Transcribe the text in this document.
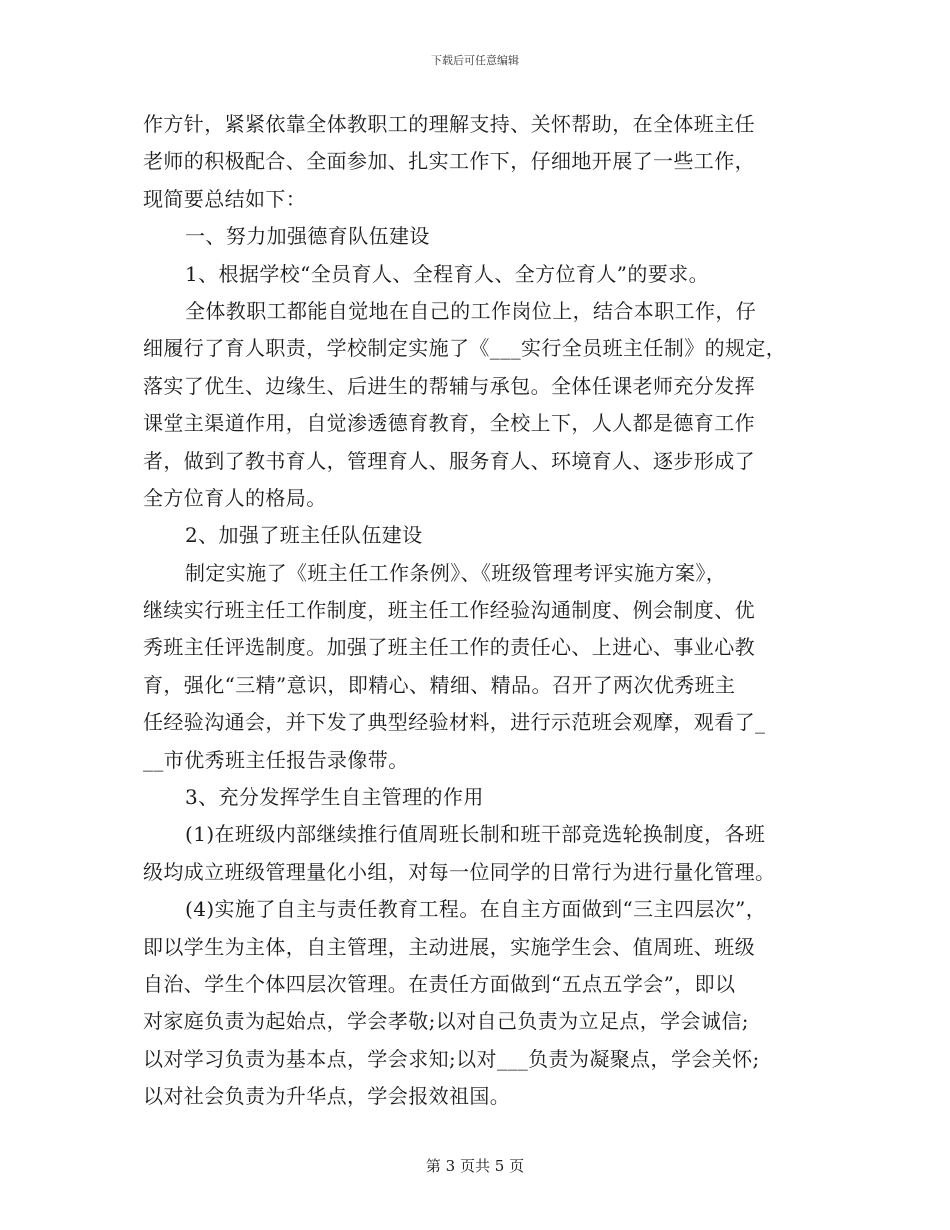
下载后可任意编辑
作方针，紧紧依靠全体教职工的理解支持、关怀帮助，在全体班主任
老师的积极配合、全面参加、扎实工作下，仔细地开展了一些工作，
现简要总结如下：
一、努力加强德育队伍建设
1、根据学校“全员育人、全程育人、全方位育人”的要求。
全体教职工都能自觉地在自己的工作岗位上，结合本职工作，仔
细履行了育人职责，学校制定实施了《___实行全员班主任制》的规定，
落实了优生、边缘生、后进生的帮辅与承包。全体任课老师充分发挥
课堂主渠道作用，自觉渗透德育教育，全校上下，人人都是德育工作
者，做到了教书育人，管理育人、服务育人、环境育人、逐步形成了
全方位育人的格局。
2、加强了班主任队伍建设
制定实施了《班主任工作条例》、《班级管理考评实施方案》，
继续实行班主任工作制度，班主任工作经验沟通制度、例会制度、优
秀班主任评选制度。加强了班主任工作的责任心、上进心、事业心教
育，强化“三精”意识，即精心、精细、精品。召开了两次优秀班主
任经验沟通会，并下发了典型经验材料，进行示范班会观摩，观看了_
__市优秀班主任报告录像带。
3、充分发挥学生自主管理的作用
(1)在班级内部继续推行值周班长制和班干部竞选轮换制度，各班
级均成立班级管理量化小组，对每一位同学的日常行为进行量化管理。
(4)实施了自主与责任教育工程。在自主方面做到“三主四层次”，
即以学生为主体，自主管理，主动进展，实施学生会、值周班、班级
自治、学生个体四层次管理。在责任方面做到“五点五学会”，即以
对家庭负责为起始点，学会孝敬;以对自己负责为立足点，学会诚信;
以对学习负责为基本点，学会求知;以对___负责为凝聚点，学会关怀;
以对社会负责为升华点，学会报效祖国。
第 3 页共 5 页
